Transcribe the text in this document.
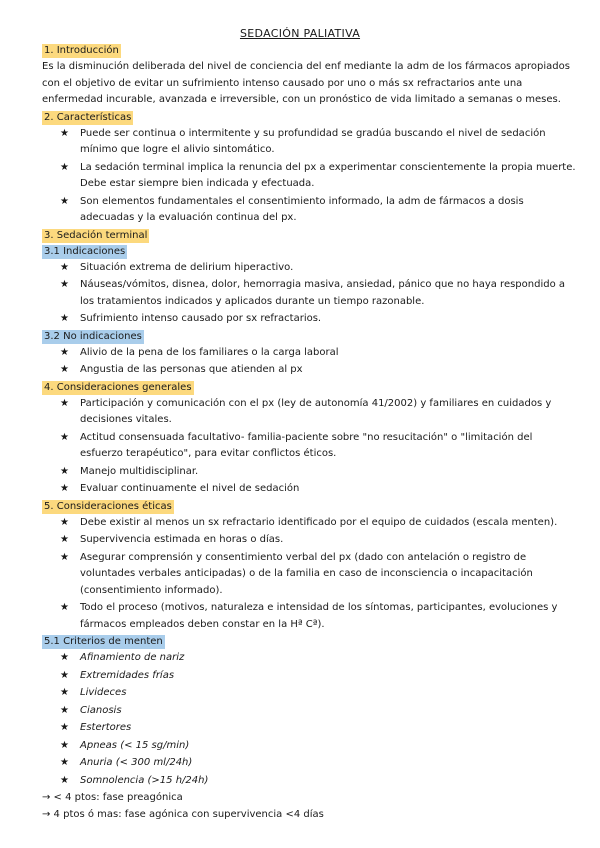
SEDACIÓN PALIATIVA
1. Introducción

Es la disminución deliberada del nivel de conciencia del enf mediante la adm de los fármacos apropiados con el objetivo de evitar un sufrimiento intenso causado por uno o más sx refractarios ante una enfermedad incurable, avanzada e irreversible, con un pronóstico de vida limitado a semanas o meses.

2. Características
★ Puede ser continua o intermitente y su profundidad se gradúa buscando el nivel de sedación mínimo que logre el alivio sintomático.
★ La sedación terminal implica la renuncia del px a experimentar conscientemente la propia muerte. Debe estar siempre bien indicada y efectuada.
★ Son elementos fundamentales el consentimiento informado, la adm de fármacos a dosis adecuadas y la evaluación continua del px.
3. Sedación terminal
3.1 Indicaciones
★ Situación extrema de delirium hiperactivo.
★ Náuseas/vómitos, disnea, dolor, hemorragia masiva, ansiedad, pánico que no haya respondido a los tratamientos indicados y aplicados durante un tiempo razonable.
★ Sufrimiento intenso causado por sx refractarios.
3.2 No indicaciones
★ Alivio de la pena de los familiares o la carga laboral
★ Angustia de las personas que atienden al px
4. Consideraciones generales
★ Participación y comunicación con el px (ley de autonomía 41/2002) y familiares en cuidados y decisiones vitales.
★ Actitud consensuada facultativo- familia-paciente sobre "no resucitación" o "limitación del esfuerzo terapéutico", para evitar conflictos éticos.
★ Manejo multidisciplinar.
★ Evaluar continuamente el nivel de sedación
5. Consideraciones éticas
★ Debe existir al menos un sx refractario identificado por el equipo de cuidados (escala menten).
★ Supervivencia estimada en horas o días.
★ Asegurar comprensión y consentimiento verbal del px (dado con antelación o registro de voluntades verbales anticipadas) o de la familia en caso de inconsciencia o incapacitación (consentimiento informado).
★ Todo el proceso (motivos, naturaleza e intensidad de los síntomas, participantes, evoluciones y fármacos empleados deben constar en la Hª Cª).
5.1 Criterios de menten
★ Afinamiento de nariz
★ Extremidades frías
★ Livideces
★ Cianosis
★ Estertores
★ Apneas (< 15 sg/min)
★ Anuria (< 300 ml/24h)
★ Somnolencia (>15 h/24h)
→ < 4 ptos: fase preagónica
→ 4 ptos ó mas: fase agónica con supervivencia <4 días
